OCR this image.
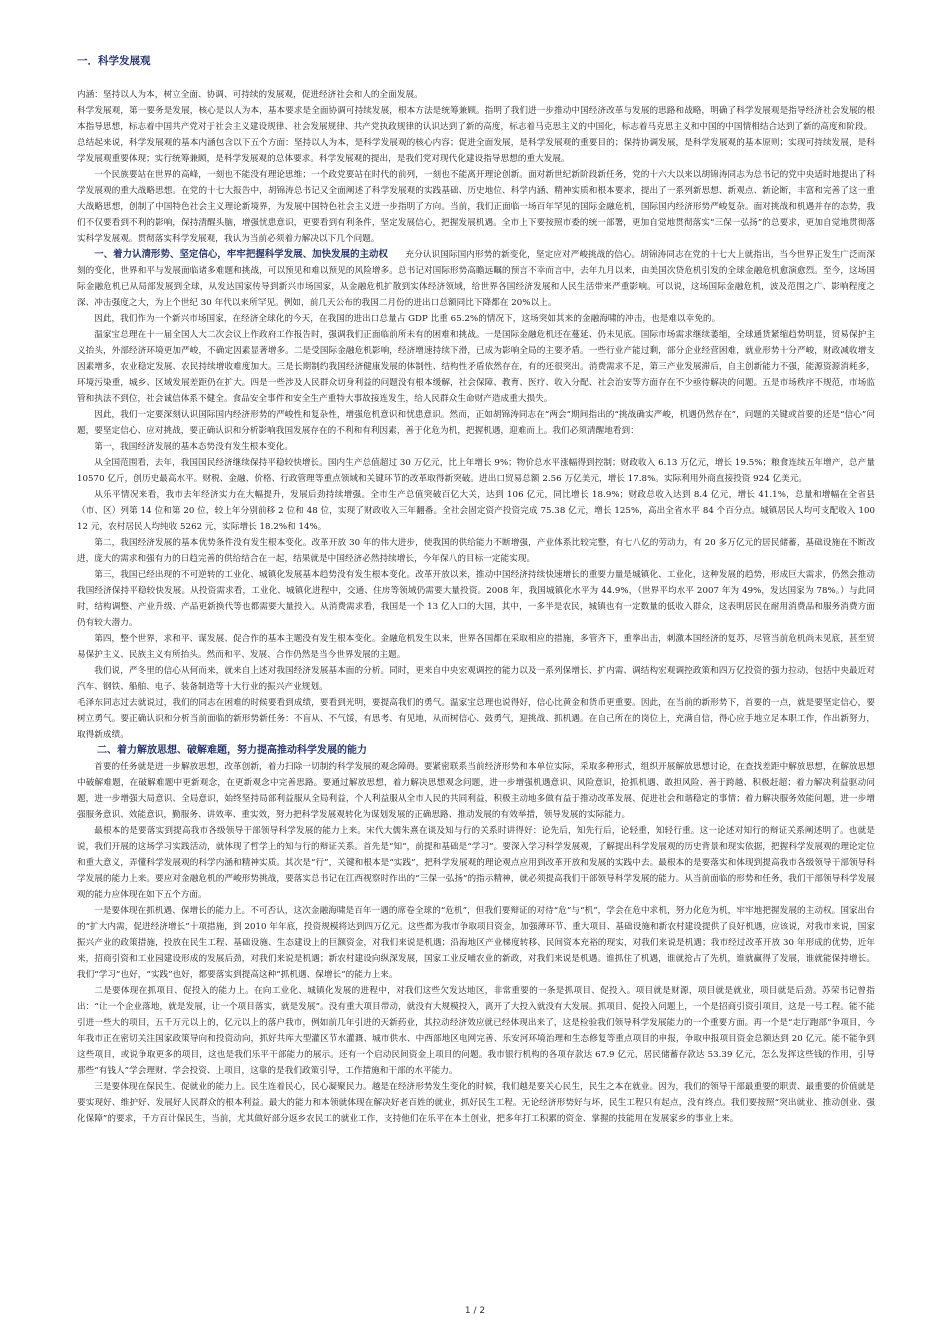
一．科学发展观

内涵：坚持以人为本，树立全面、协调、可持续的发展观，促进经济社会和人的全面发展。

科学发展观，第一要务是发展，核心是以人为本，基本要求是全面协调可持续发展，根本方法是统筹兼顾。指明了我们进一步推动中国经济改革与发展的思路和战略，明确了科学发展观是指导经济社会发展的根本指导思想，标志着中国共产党对于社会主义建设规律、社会发展规律、共产党执政规律的认识达到了新的高度，标志着马克思主义的中国化，标志着马克思主义和中国的中国情相结合达到了新的高度和阶段。

总结起来说，科学发展观的基本内涵包含以下五个方面：坚持以人为本，是科学发展观的核心内容；促进全面发展，是科学发展观的重要目的；保持协调发展，是科学发展观的基本原则；实现可持续发展，是科学发展观重要体现；实行统筹兼顾，是科学发展观的总体要求。科学发展观的提出，是我们党对现代化建设指导思想的重大发展。

一个民族要站在世界的高峰，一刻也不能没有理论思维；一个政党要站在时代的前列，一刻也不能离开理论创新。面对新世纪新阶段新任务，党的十六大以来以胡锦涛同志为总书记的党中央适时地提出了科学发展观的重大战略思想。在党的十七大报告中，胡锦涛总书记又全面阐述了科学发展观的实践基础、历史地位、科学内涵、精神实质和根本要求，提出了一系列新思想、新观点、新论断，丰富和完善了这一重大战略思想，创制了中国特色社会主义理论新境界，为发展中国特色社会主义进一步指明了方向。当前，我们正面临一场百年罕见的国际金融危机，国际国内经济形势严峻复杂。面对挑战和机遇并存的态势，我们不仅要看到不利的影响，保持清醒头脑，增强忧患意识，更要看到有利条件，坚定发展信心，把握发展机遇。全市上下要按照市委的统一部署，更加自觉地贯彻落实“三保一弘扬”的总要求，更加自觉地贯彻落实科学发展观。贯彻落实科学发展观，我认为当前必须着力解决以下几个问题。

一、着力认清形势、坚定信心，牢牢把握科学发展、加快发展的主动权　　 充分认识国际国内形势的新变化，坚定应对严峻挑战的信心。胡锦涛同志在党的十七大上就指出，当今世界正发生广泛而深刻的变化，世界和平与发展面临诸多难题和挑战，可以预见和难以预见的风险增多。总书记对国际形势高瞻远瞩的预言不幸而言中，去年九月以来，由美国次贷危机引发的全球金融危机愈演愈烈。至今，这场国际金融危机已从局部发展到全球，从发达国家传导到新兴市场国家，从金融危机扩散到实体经济领域，给世界各国经济发展和人民生活带来严重影响。可以说，这场国际金融危机，波及范围之广、影响程度之深、冲击强度之大，为上个世纪 30 年代以来所罕见。例如，前几天公布的我国二月份的进出口总额同比下降都在 20%以上。

因此，我们作为一个新兴市场国家，在经济全球化的今天，在我国的进出口总量占 GDP 比重 65.2%的情况下，这场突如其来的金融海啸的冲击，也是难以幸免的。

温家宝总理在十一届全国人大二次会议上作政府工作报告时，强调我们正面临前所未有的困难和挑战。一是国际金融危机还在蔓延、仍未见底。国际市场需求继续萎缩，全球通货紧缩趋势明显，贸易保护主义抬头，外部经济环境更加严峻，不确定因素显著增多。二是受国际金融危机影响，经济增速持续下滑，已成为影响全局的主要矛盾。一些行业产能过剩，部分企业经营困难，就业形势十分严峻，财政减收增支因素增多，农业稳定发展、农民持续增收难度加大。三是长期制约我国经济健康发展的体制性、结构性矛盾依然存在，有的还很突出。消费需求不足，第三产业发展滞后，自主创新能力不强，能源资源消耗多，环境污染重，城乡、区域发展差距仍在扩大。四是一些涉及人民群众切身利益的问题没有根本缓解，社会保障、教育、医疗、收入分配、社会治安等方面存在不少亟待解决的问题。五是市场秩序不规范，市场监管和执法不到位，社会诚信体系不健全。食品安全事件和安全生产重特大事故接连发生，给人民群众生命财产造成重大损失。

因此，我们一定要深刻认识国际国内经济形势的严峻性和复杂性，增强危机意识和忧患意识。然而，正如胡锦涛同志在“两会”期间指出的“挑战确实严峻，机遇仍然存在”，问题的关键或首要的还是“信心”问题，要坚定信心、应对挑战，要正确认识和分析影响我国发展存在的不利和有利因素，善于化危为机，把握机遇，迎难而上。我们必须清醒地看到：

第一，我国经济发展的基本态势没有发生根本变化。

从全国范围看，去年，我国国民经济继续保持平稳较快增长。国内生产总值超过 30 万亿元，比上年增长 9%；物价总水平涨幅得到控制；财政收入 6.13 万亿元，增长 19.5%；粮食连续五年增产，总产量 10570 亿斤，创历史最高水平。财税、金融、价格、行政管理等重点领域和关键环节的改革取得新突破。进出口贸易总额 2.56 万亿美元，增长 17.8%。实际利用外商直接投资 924 亿美元。

从乐平情况来看，我市去年经济实力在大幅提升，发展后劲持续增强。全市生产总值突破百亿大关，达到 106 亿元，同比增长 18.9%；财政总收入达到 8.4 亿元，增长 41.1%，总量和增幅在全省县（市、区）列第 14 位和第 20 位，较上年分别前移 2 位和 48 位，实现了财政收入三年翻番。全社会固定资产投资完成 75.38 亿元，增长 125%，高出全省水平 84 个百分点。城镇居民人均可支配收入 10012 元，农村居民人均纯收 5262 元，实际增长 18.2%和 14%。

第二，我国经济发展的基本优势条件没有发生根本变化。改革开放 30 年的伟大进步，使我国的供给能力不断增强，产业体系比较完整，有七八亿的劳动力，有 20 多万亿元的居民储蓄，基础设施在不断改进，庞大的需求和强有力的日趋完善的供给结合在一起，结果就是中国经济必然持续增长，今年保八的目标一定能实现。

第三，我国已经出现的不可逆转的工业化、城镇化发展基本趋势没有发生根本变化。改革开放以来，推动中国经济持续快速增长的重要力量是城镇化、工业化，这种发展的趋势，形成巨大需求，仍然会推动我国经济保持平稳较快发展。从投资需求看，工业化、城镇化进程中，交通、住房等领域仍需要大量投资。2008 年，我国城镇化水平为 44.9%，（世界平均水平 2007 年为 49%，发达国家为 78%。）与此同时，结构调整、产业升级、产品更新换代等也都需要大量投入。从消费需求看，我国是一个 13 亿人口的大国，其中，一多半是农民，城镇也有一定数量的低收入群众，这表明居民在耐用消费品和服务消费方面仍有较大潜力。

第四，整个世界，求和平、谋发展、促合作的基本主题没有发生根本变化。金融危机发生以来，世界各国都在采取相应的措施，多管齐下，重拳出击，刺激本国经济的复苏，尽管当前危机尚未见底，甚至贸易保护主义、民族主义有所抬头。然而和平、发展、合作仍然是当今世界发展的主题。

我们说，严冬里的信心从何而来，就来自上述对我国经济发展基本面的分析。同时，更来自中央宏观调控的能力以及一系列保增长、扩内需、调结构宏观调控政策和四万亿投资的强力拉动，包括中央最近对汽车、钢铁、船舶、电子、装备制造等十大行业的振兴产业规划。

毛泽东同志过去就说过，我们的同志在困难的时候要看到成绩，要看到光明，要提高我们的勇气。温家宝总理也说得好，信心比黄金和货币更重要。因此，在当前的新形势下，首要的一点，就是要坚定信心，要树立勇气。要正确认识和分析当前面临的新形势新任务：不盲从、不气馁，有思考、有见地，从而树信心、鼓勇气，迎挑战、抓机遇。在自己所在的岗位上，充满自信，得心应手地立足本职工作，作出新努力，取得新成绩。

二、着力解放思想、破解难题，努力提高推动科学发展的能力

首要的任务就是进一步解放思想，改革创新，着力扫除一切制约科学发展的观念障碍。要紧密联系当前经济形势和本单位实际，采取多种形式，组织开展解放思想讨论，在查找差距中解放思想，在解放思想中破解难题，在破解难题中更新观念，在更新观念中完善思路。要通过解放思想，着力解决思想观念问题，进一步增强机遇意识、风险意识，抢抓机遇、敢担风险、善于跨越、积极赶超；着力解决利益驱动问题，进一步增强大局意识、全局意识，始终坚持局部利益服从全局利益，个人利益服从全市人民的共同利益，积极主动地多做有益于推动改革发展、促进社会和谐稳定的事情；着力解决服务效能问题，进一步增强服务意识、效能意识，勤服务、讲效率、重实效，努力把科学发展观转化为谋划发展的正确思路、推动发展的有效举措，领导发展的实际能力。

最根本的是要落实到提高我市各级领导干部领导科学发展的能力上来。宋代大儒朱熹在谈及知与行的关系时讲得好：论先后，知先行后，论轻重，知轻行重。这一论述对知行的辩证关系阐述明了。也就是说，我们开展的这场学习实践活动，就体现了哲学上的知与行的辩证关系。首先是“知”，前提和基础是“学习”。要深入学习科学发展观，了解提出科学发展观的历史背景和现实依据，把握科学发展观的理论定位和重大意义，弄懂科学发展观的科学内涵和精神实质。其次是“行”，关键和根本是“实践”，把科学发展观的理论观点应用到改革开放和发展的实践中去。最根本的是要落实和体现到提高我市各级领导干部领导科学发展的能力上来。要应对金融危机的严峻形势挑战，要落实总书记在江西视察时作出的“三保一弘扬”的指示精神，就必须提高我们干部领导科学发展的能力。从当前面临的形势和任务，我们干部领导科学发展观的能力应体现在如下五个方面。

一是要体现在抓机遇、保增长的能力上。不可否认，这次金融海啸是百年一遇的席卷全球的“危机”，但我们要辩证的对待“危”与“机”，学会在危中求机，努力化危为机，牢牢地把握发展的主动权。国家出台的“扩大内需，促进经济增长”十项措施，到 2010 年年底，投资规模将达到四万亿元。这些都为我市争取项目资金，加强薄环节、重大项目、基础设施和新农村建设提供了良好机遇，应该说，对我市来说，国家振兴产业的政策措施，投放在民生工程、基础设施、生态建设上的巨额资金，对我们来说是机遇；沿海地区产业梯度转移、民间资本充裕的现实，对我们来说是机遇；我市经过改革开放 30 年形成的优势，近年来，招商引资和工业园建设形成的发展后劲，对我们来说是机遇；新农村建设向纵深发展，国家工业反哺农业的新政，对我们来说是机遇。谁抓住了机遇，谁就抢占了先机，谁就赢得了发展，谁就能保持增长。我们“学习”也好，“实践”也好，都要落实到提高这种“抓机遇、保增长”的能力上来。

二是要体现在抓项目、促投入的能力上。在向工业化、城镇化发展的进程中，对我们这些欠发达地区，非常重要的一条是抓项目、促投入。项目就是财源，项目就是就业，项目就是后劲。苏荣书记曾指出：“让一个企业落地，就是发展，让一个项目落实，就是发展”。没有重大项目带动，就没有大规模投入，离开了大投入就没有大发展。抓项目、促投入问题上，一个是招商引资引项目，这是一号工程。能不能引进一些大的项目，五千万元以上的，亿元以上的落户我市，例如前几年引进的天新药业，其拉动经济效应就已经体现出来了，这是检验我们领导科学发展能力的一个重要方面。再一个是“走厅跑部”争项目，今年我市正在密切关注国家政策导向和投资动向，抓好共库大型灌区节水灌溉、城市供水、中西部地区电网完善、乐安河环境治理和生态修复等重点项目的申报，争取申报项目资金总额达到 20 亿元。能不能争到这些项目，或说争取更多的项目，这也是我们乐平干部能力的展示。还有一个启动民间资金上项目的问题。我市银行机构的各项存款达 67.9 亿元，居民储蓄存款达 53.39 亿元，怎么发挥这些钱的作用，引导那些“有钱人”学会理财、学会投资、上项目，这靠的是我们政策引导，工作措施和干部的水平能力。

三是要体现在保民生、促就业的能力上。民生连着民心，民心凝聚民力。越是在经济形势发生变化的时候，我们越是要关心民生，民生之本在就业。因为，我们的领导干部最重要的职责、最重要的价值就是要实现好、维护好、发展好人民群众的根本利益。最大的能力和本领就体现在解决好老百姓的就业，抓好民生工程。无论经济形势好与坏，民生工程只有起点，没有终点。我们要按照“突出就业、推动创业、强化保障”的要求，千方百计保民生，当前，尤其做好部分返乡农民工的就业工作，支持他们在乐平在本土创业，把多年打工积累的资金、掌握的技能用在发展家乡的事业上来。

1 / 2
